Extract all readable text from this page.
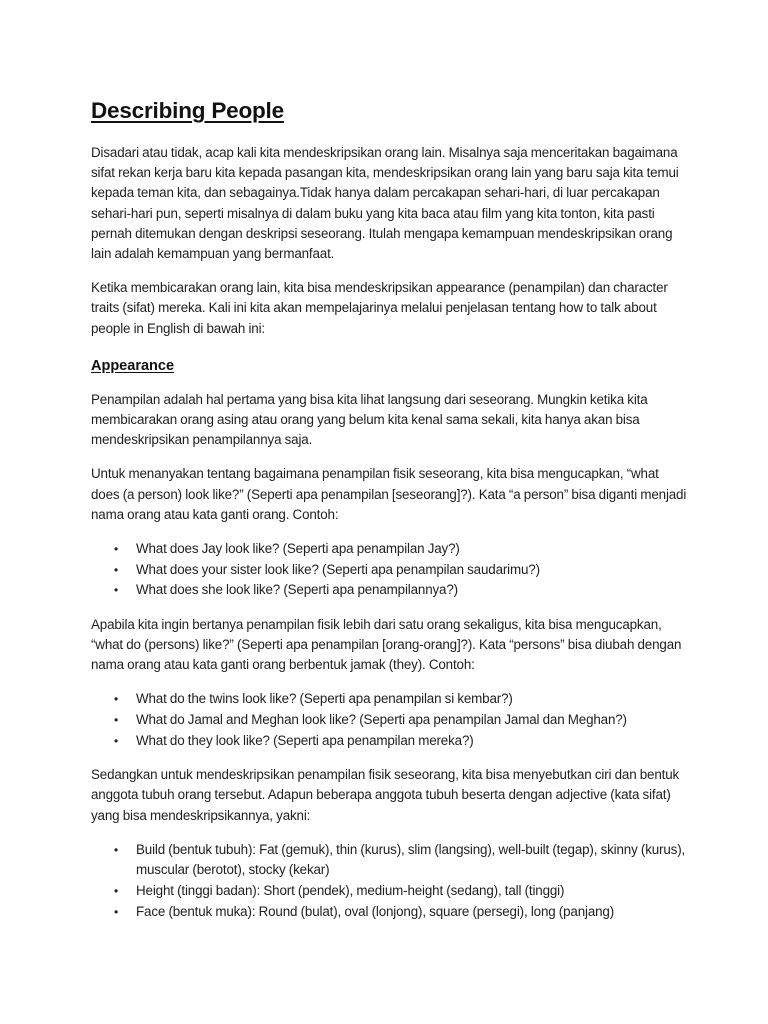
Describing People

Disadari atau tidak, acap kali kita mendeskripsikan orang lain. Misalnya saja menceritakan bagaimana sifat rekan kerja baru kita kepada pasangan kita, mendeskripsikan orang lain yang baru saja kita temui kepada teman kita, dan sebagainya.Tidak hanya dalam percakapan sehari-hari, di luar percakapan sehari-hari pun, seperti misalnya di dalam buku yang kita baca atau film yang kita tonton, kita pasti pernah ditemukan dengan deskripsi seseorang. Itulah mengapa kemampuan mendeskripsikan orang lain adalah kemampuan yang bermanfaat.

Ketika membicarakan orang lain, kita bisa mendeskripsikan appearance (penampilan) dan character traits (sifat) mereka. Kali ini kita akan mempelajarinya melalui penjelasan tentang how to talk about people in English di bawah ini:

Appearance

Penampilan adalah hal pertama yang bisa kita lihat langsung dari seseorang. Mungkin ketika kita membicarakan orang asing atau orang yang belum kita kenal sama sekali, kita hanya akan bisa mendeskripsikan penampilannya saja.

Untuk menanyakan tentang bagaimana penampilan fisik seseorang, kita bisa mengucapkan, “what does (a person) look like?” (Seperti apa penampilan [seseorang]?). Kata “a person” bisa diganti menjadi nama orang atau kata ganti orang. Contoh:

• What does Jay look like? (Seperti apa penampilan Jay?)
• What does your sister look like? (Seperti apa penampilan saudarimu?)
• What does she look like? (Seperti apa penampilannya?)

Apabila kita ingin bertanya penampilan fisik lebih dari satu orang sekaligus, kita bisa mengucapkan, “what do (persons) like?” (Seperti apa penampilan [orang-orang]?). Kata “persons” bisa diubah dengan nama orang atau kata ganti orang berbentuk jamak (they). Contoh:

• What do the twins look like? (Seperti apa penampilan si kembar?)
• What do Jamal and Meghan look like? (Seperti apa penampilan Jamal dan Meghan?)
• What do they look like? (Seperti apa penampilan mereka?)

Sedangkan untuk mendeskripsikan penampilan fisik seseorang, kita bisa menyebutkan ciri dan bentuk anggota tubuh orang tersebut. Adapun beberapa anggota tubuh beserta dengan adjective (kata sifat) yang bisa mendeskripsikannya, yakni:

• Build (bentuk tubuh): Fat (gemuk), thin (kurus), slim (langsing), well-built (tegap), skinny (kurus), muscular (berotot), stocky (kekar)
• Height (tinggi badan): Short (pendek), medium-height (sedang), tall (tinggi)
• Face (bentuk muka): Round (bulat), oval (lonjong), square (persegi), long (panjang)
